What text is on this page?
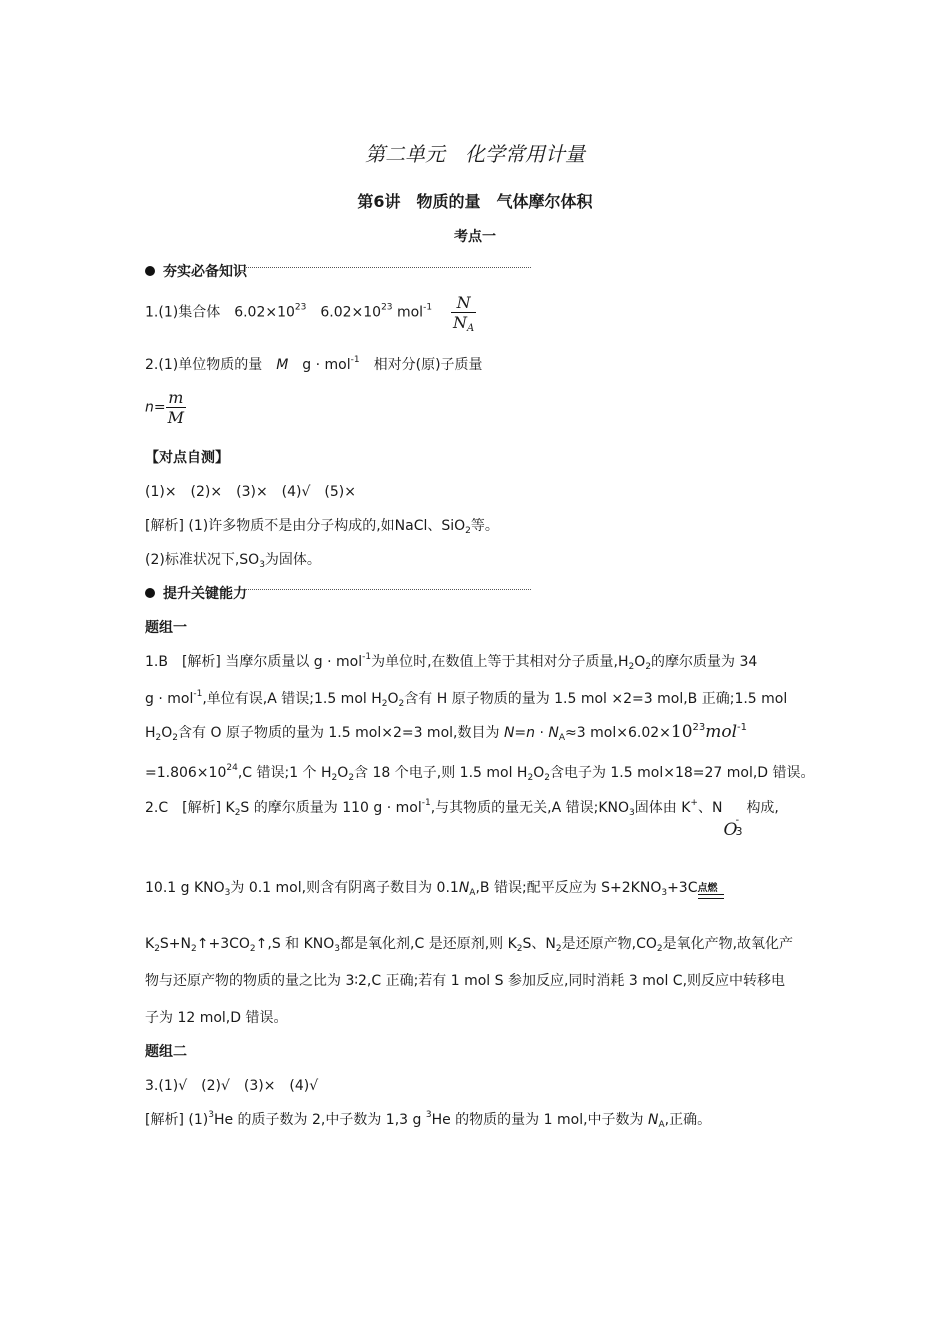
第二单元　化学常用计量
第6讲　物质的量　气体摩尔体积
考点一
夯实必备知识
1.(1)集合体　$6.02\times 10^{23}$　$6.02\times 10^{23}$ $mol^{-1} \frac{N}{N_A}$
2.(1)单位物质的量　M　g · mol$^{-1}$　相对分(原)子质量
$n= \frac{m}{M}$
【对点自测】
(1)×　(2)×　(3)×　(4)√　(5)×
[解析] (1)许多物质不是由分子构成的,如NaCl、SiO$_2$等。
(2)标准状况下$,SO_3$为固体。
提升关键能力
题组一
1.B　[解析] 当摩尔质量以 g · mol$^{-1}$为单位时,在数值上等于其相对分子质量$,H_2O_2$的摩尔质量为 34
g · mol$^{-1}$,单位有误,A 错误;1.5 mol $H_2O_2$含有 H 原子物质的量为 1.5 mol ×2=3 mol,B 正确;1.5 mol
$H_2O_2$含有 O 原子物质的量为 1.5 mol×2=3 mol,数目为 $N=n \cdot N_A\approx 3$ $mol\times 6.02\times 10^{23}mol^{-1}$
$=1.806\times 10^{24},C$ 错误;1 个 $H_2O_2$含 18 个电子,则 1.5 mol $H_2O_2$含电子为 1.5 mol×18=27 mol,D 错误。
2.C　[解析] $K_2S$ 的摩尔质量为 110 g · mol$^{-1}$,与其物质的量无关,A 错误$;KNO_3$固体由 K+、N
O
3
-
构成,
10.1 g $KNO_3$为 0.1 mol,则含有阴离子数目为 $0.1N_A,B$ 错误;配平反应为 $S+2KNO_3+3C$ 点燃
$K_2S+N_2↑+3CO_2↑,S$ 和 $KNO_3$都是氧化剂,C 是还原剂,则 $K_2S$、$N_2$是还原产物$,CO_2$是氧化产物,故氧化产
物与还原产物的物质的量之比为 3∶2,C 正确;若有 1 mol S 参加反应,同时消耗 3 mol C,则反应中转移电
子为 12 mol,D 错误。
题组二
3.(1)√　(2)√　(3)×　(4)√
[解析] $(1)^3He$ 的质子数为 2,中子数为 1,3 g $^3$He 的物质的量为 1 mol,中子数为 $N_A$,正确。
